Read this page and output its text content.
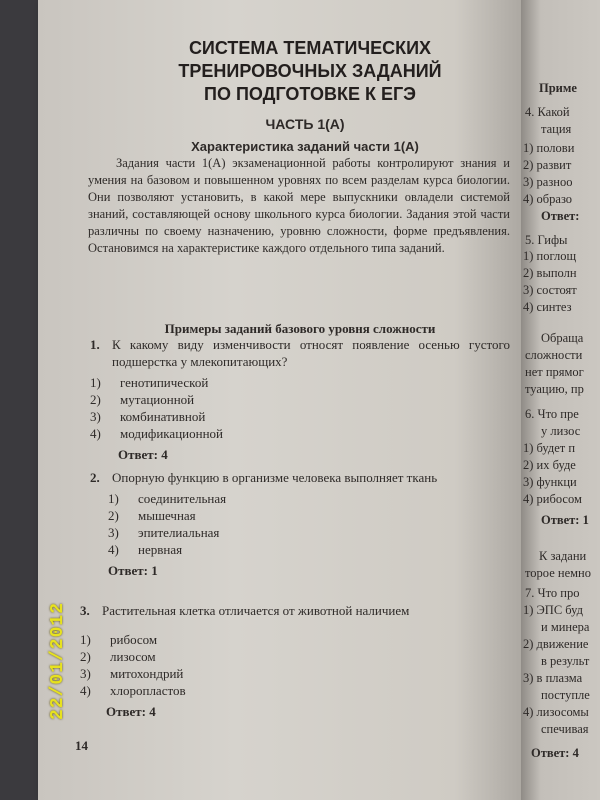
Приме
4. Какой
тация
1) полови
2) развит
3) разноо
4) образо
Ответ:
5. Гифы
1) поглощ
2) выполн
3) состоят
4) синтез
Обраща
сложности
нет прямог
туацию, пр
6. Что пре
у лизос
1) будет п
2) их буде
3) функци
4) рибосом
Ответ: 1
К задани
торое немно
7. Что про
1) ЭПС буд
и минера
2) движение
в результ
3) в плазма
поступле
4) лизосомы
спечивая
Ответ: 4
СИСТЕМА ТЕМАТИЧЕСКИХ
ТРЕНИРОВОЧНЫХ ЗАДАНИЙ
ПО ПОДГОТОВКЕ К ЕГЭ
ЧАСТЬ 1(А)
Характеристика заданий части 1(А)

Задания части 1(А) экзаменационной работы контролируют знания и умения на базовом и повышенном уровнях по всем разделам курса биологии. Они позволяют установить, в какой мере выпускники овладели системой знаний, составляющей основу школьного курса биологии. Задания этой части различны по своему назначению, уровню сложности, форме предъявления. Остановимся на характеристике каждого отдельного типа заданий.

Примеры заданий базового уровня сложности
1. К какому виду изменчивости относят появление осенью густого подшерстка у млекопитающих?
1)	генотипической
2)	мутационной
3)	комбинативной
4)	модификационной
Ответ: 4
2. Опорную функцию в организме человека выполняет ткань
1)	соединительная
2)	мышечная
3)	эпителиальная
4)	нервная
Ответ: 1
3. Растительная клетка отличается от животной наличием
1)	рибосом
2)	лизосом
3)	митохондрий
4)	хлоропластов
Ответ: 4
14
22/01/2012
